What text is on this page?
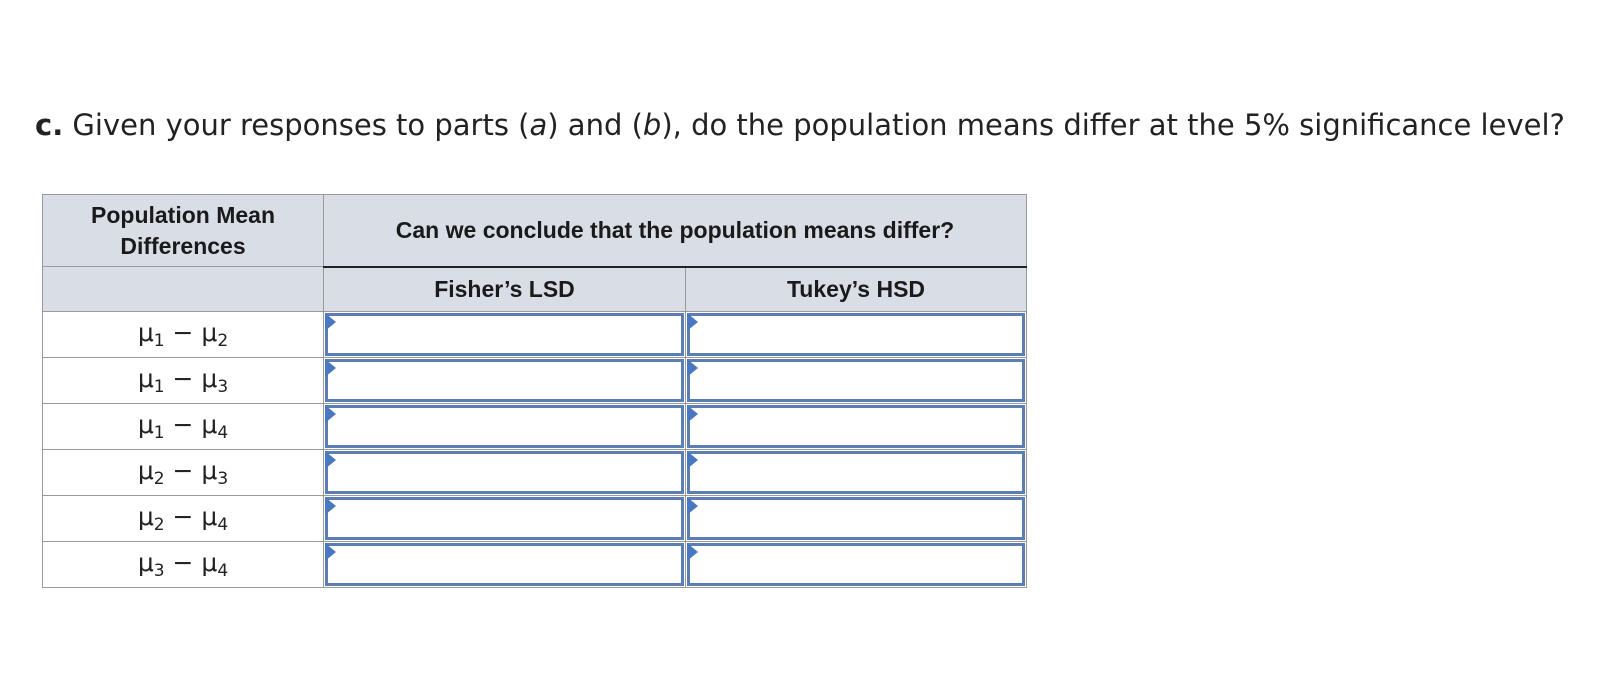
c. Given your responses to parts (a) and (b), do the population means differ at the 5% significance level?
Population Mean Differences	Can we conclude that the population means differ?	
	Fisher’s LSD	Tukey’s HSD
$\mu_1 - \mu_2$	

$\mu_1 - \mu_3$	

$\mu_1 - \mu_4$	

$\mu_2 - \mu_3$	

$\mu_2 - \mu_4$	

$\mu_3 - \mu_4$	
